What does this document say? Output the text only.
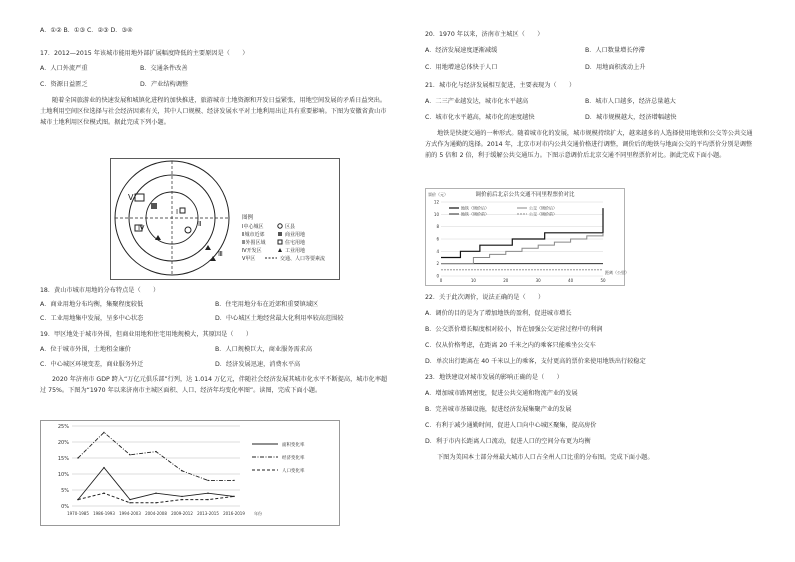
A．①② B．①③ C．②③ D．③④
17．2012—2015 年该城市能用地外部扩展幅度降低的主要原因是（　　）
A．人口外流严重	B．交通条件改善
C．资源日益匮乏	D．产业结构调整
随着全国旅游业的快速发展和城镇化进程的加快推进，旅游城市土地资源和开发日益紧张，用地空间发展的矛盾日益突出。土地利用空间区位选择与社会经济因素有关，其中人口规模、经济发展水平对土地利用出让具有重要影响。下图为安徽省黄山市城市土地利用区位模式图。据此完成下列小题。
V
Ⅰ
Ⅱ
Ⅲ
Ⅳ
图例
Ⅰ中心城区
Ⅱ城市近郊
Ⅲ外围区域
Ⅳ开发区
Ⅴ甲区
区县
商业用地
住宅用地
工业用地
交通、人口等要素流
18．黄山市城市用地的分布特点是（　　）
A．商业用地分布均衡，集聚程度较低	B．住宅用地分布在近郊和重要镇域区
C．工业用地集中发展，呈多中心状态	D．中心城区土地经营最大化利用率较高范围较
19．甲区地处于城市外围，但商业用地和住宅用地规模大，其原因是（　　）
A．位于城市外围，土地租金廉价	B．人口规模巨大，商业服务需求高
C．中心城区环境变差，商业服务外迁	D．经济发展迅速，消费水平高
2020 年济南市 GDP 跨入“万亿元俱乐部”行列，达 1.014 万亿元，伴随社会经济发展其城市化水平不断提高，城市化率超过 75%。下图为“1970 年以来济南市主城区面积、人口、经济年均变化率图”。读图，完成下面小题。
0%
5%
10%
15%
20%
25%
1970-1985 1986-1993 1994-2003 2004-2008 2009-2012 2013-2015 2016-2019 年份
面积变化率
经济变化率
人口变化率
20．1970 年以来，济南市主城区（　　）
A．经济发展速度逐渐减缓	B．人口数量增长停滞
C．用地增速总体快于人口	D．用地面积波动上升
21．城市化与经济发展相互促进，主要表现为（　　）
A．二三产业越发达，城市化水平越高	B．城市人口越多，经济总量越大
C．城市化水平越高，城市化的速度越快	D．城市规模越大，经济增幅越快
地铁是快捷交通的一种形式。随着城市化的发展，城市规模持续扩大，越来越多的人选择使用地铁和公交等公共交通方式作为通勤的选择。2014 年，北京市对市内公共交通价格进行调整，调价后的地铁与地面公交的平均票价分别是调整前的 5 倍和 2 倍，利于缓解公共交通压力。下图示意调价后北京交通不同里程票价对比。据此完成下面小题。
调价前后北京公共交通不同里程票价对比
票价（元）
0
2
4
6
8
10
12
0	10	20	30	40	50
距离（公里）
地铁（调价后）
地铁（调价前）
公交（调价后）
公交（调价前）
22．关于此次调价，说法正确的是（　　）
A．调价的目的是为了增加地铁的盈利，促进城市增长
B．公交票价增长幅度相对较小，旨在加强公交运营过程中的利润
C．仅从价格考虑，在距离 20 千米之内的乘客只能乘坐公交车
D．单次出行距离在 40 千米以上的乘客，支付更高的票价来使用地铁出行较稳定
23．地铁建设对城市发展的影响正确的是（　　）
A．增加城市路网密度，促进公共交通和物流产业的发展
B．完善城市基础设施，促进经济发展集聚产业的发展
C．有利于减少通勤时间，促进人口向中心城区聚集，提高房价
D．利于市内长距离人口流动，促进人口的空间分布更为均衡
下图为美国本土部分州最大城市人口占全州人口比重的分布图。完成下面小题。
